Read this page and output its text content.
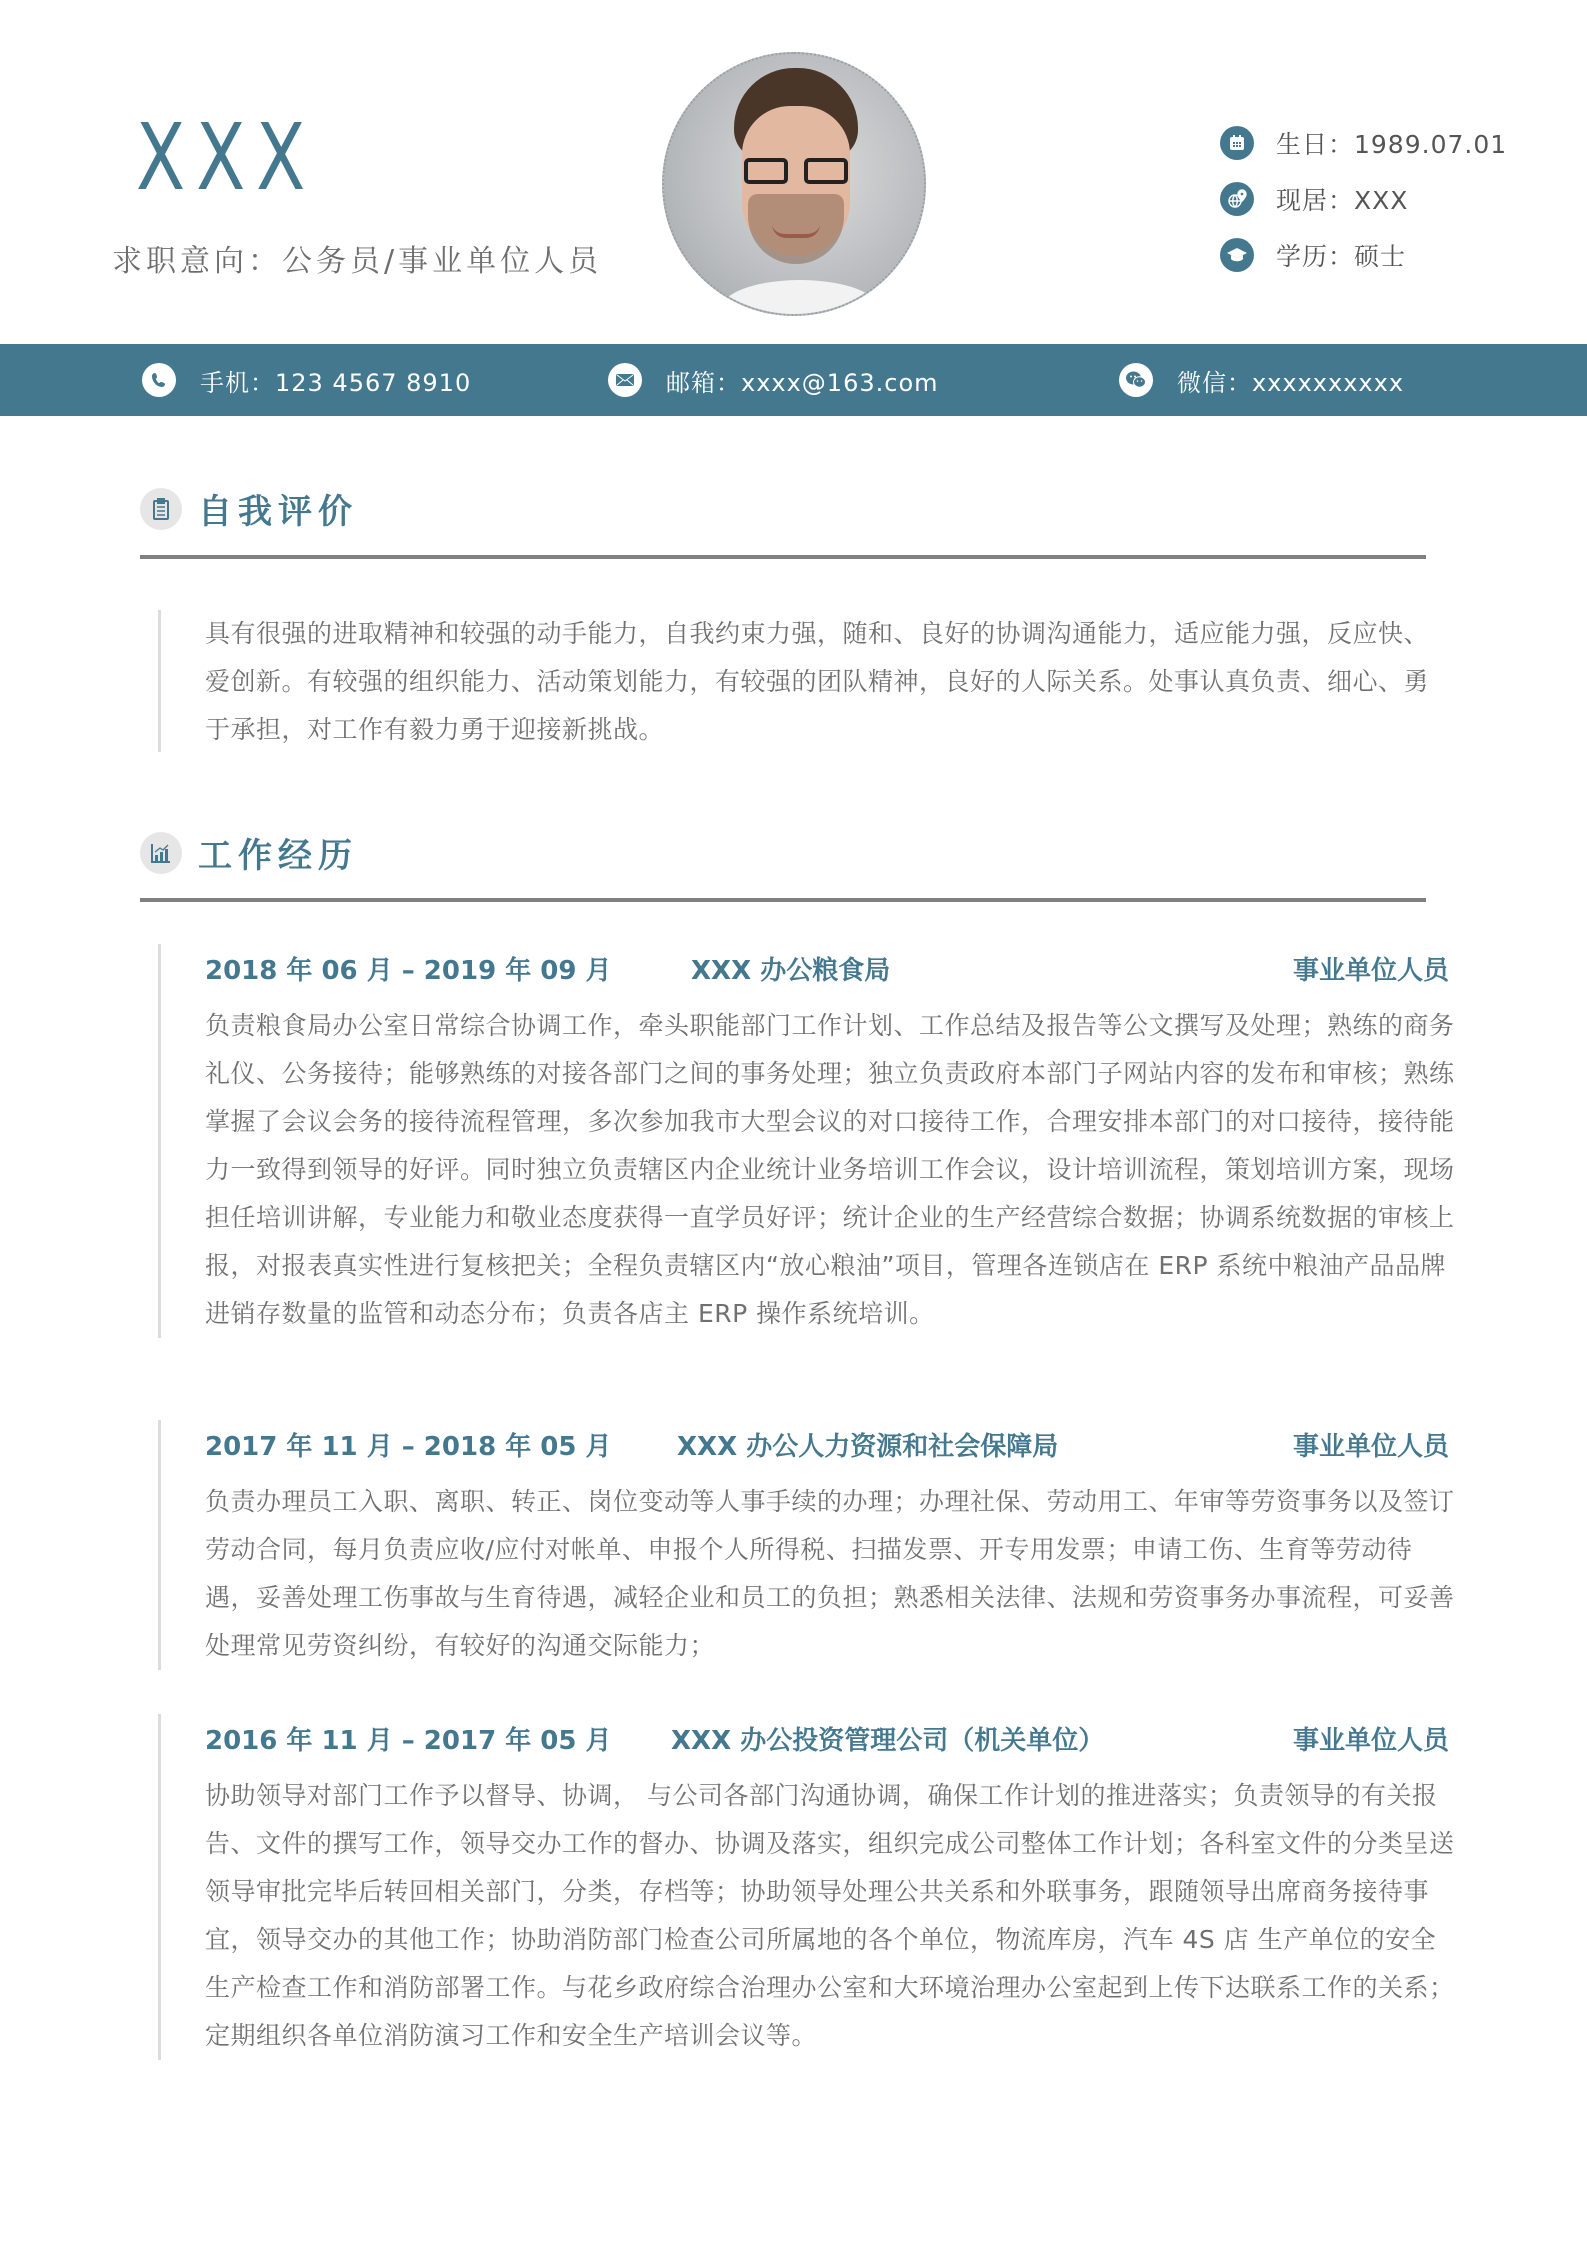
XXX
求职意向：公务员/事业单位人员
生日：1989.07.01
现居：XXX
学历：硕士
手机：123 4567 8910	邮箱：xxxx@163.com	微信：xxxxxxxxxx
自我评价
具有很强的进取精神和较强的动手能力，自我约束力强，随和、良好的协调沟通能力，适应能力强，反应快、爱创新。有较强的组织能力、活动策划能力，有较强的团队精神，良好的人际关系。处事认真负责、细心、勇于承担，对工作有毅力勇于迎接新挑战。
工作经历
2018 年 06 月 – 2019 年 09 月	XXX 办公粮食局	事业单位人员
负责粮食局办公室日常综合协调工作，牵头职能部门工作计划、工作总结及报告等公文撰写及处理；熟练的商务礼仪、公务接待；能够熟练的对接各部门之间的事务处理；独立负责政府本部门子网站内容的发布和审核；熟练掌握了会议会务的接待流程管理，多次参加我市大型会议的对口接待工作，合理安排本部门的对口接待，接待能力一致得到领导的好评。同时独立负责辖区内企业统计业务培训工作会议，设计培训流程，策划培训方案，现场担任培训讲解，专业能力和敬业态度获得一直学员好评；统计企业的生产经营综合数据；协调系统数据的审核上报，对报表真实性进行复核把关；全程负责辖区内“放心粮油”项目，管理各连锁店在 ERP 系统中粮油产品品牌进销存数量的监管和动态分布；负责各店主 ERP 操作系统培训。
2017 年 11 月 – 2018 年 05 月	XXX 办公人力资源和社会保障局	事业单位人员
负责办理员工入职、离职、转正、岗位变动等人事手续的办理；办理社保、劳动用工、年审等劳资事务以及签订劳动合同，每月负责应收/应付对帐单、申报个人所得税、扫描发票、开专用发票；申请工伤、生育等劳动待遇，妥善处理工伤事故与生育待遇，减轻企业和员工的负担；熟悉相关法律、法规和劳资事务办事流程，可妥善处理常见劳资纠纷，有较好的沟通交际能力；
2016 年 11 月 – 2017 年 05 月 XXX 办公投资管理公司（机关单位）	事业单位人员
协助领导对部门工作予以督导、协调， 与公司各部门沟通协调，确保工作计划的推进落实；负责领导的有关报告、文件的撰写工作，领导交办工作的督办、协调及落实，组织完成公司整体工作计划；各科室文件的分类呈送 领导审批完毕后转回相关部门，分类，存档等；协助领导处理公共关系和外联事务，跟随领导出席商务接待事宜，领导交办的其他工作；协助消防部门检查公司所属地的各个单位，物流库房，汽车 4S 店 生产单位的安全生产检查工作和消防部署工作。与花乡政府综合治理办公室和大环境治理办公室起到上传下达联系工作的关系；定期组织各单位消防演习工作和安全生产培训会议等。
